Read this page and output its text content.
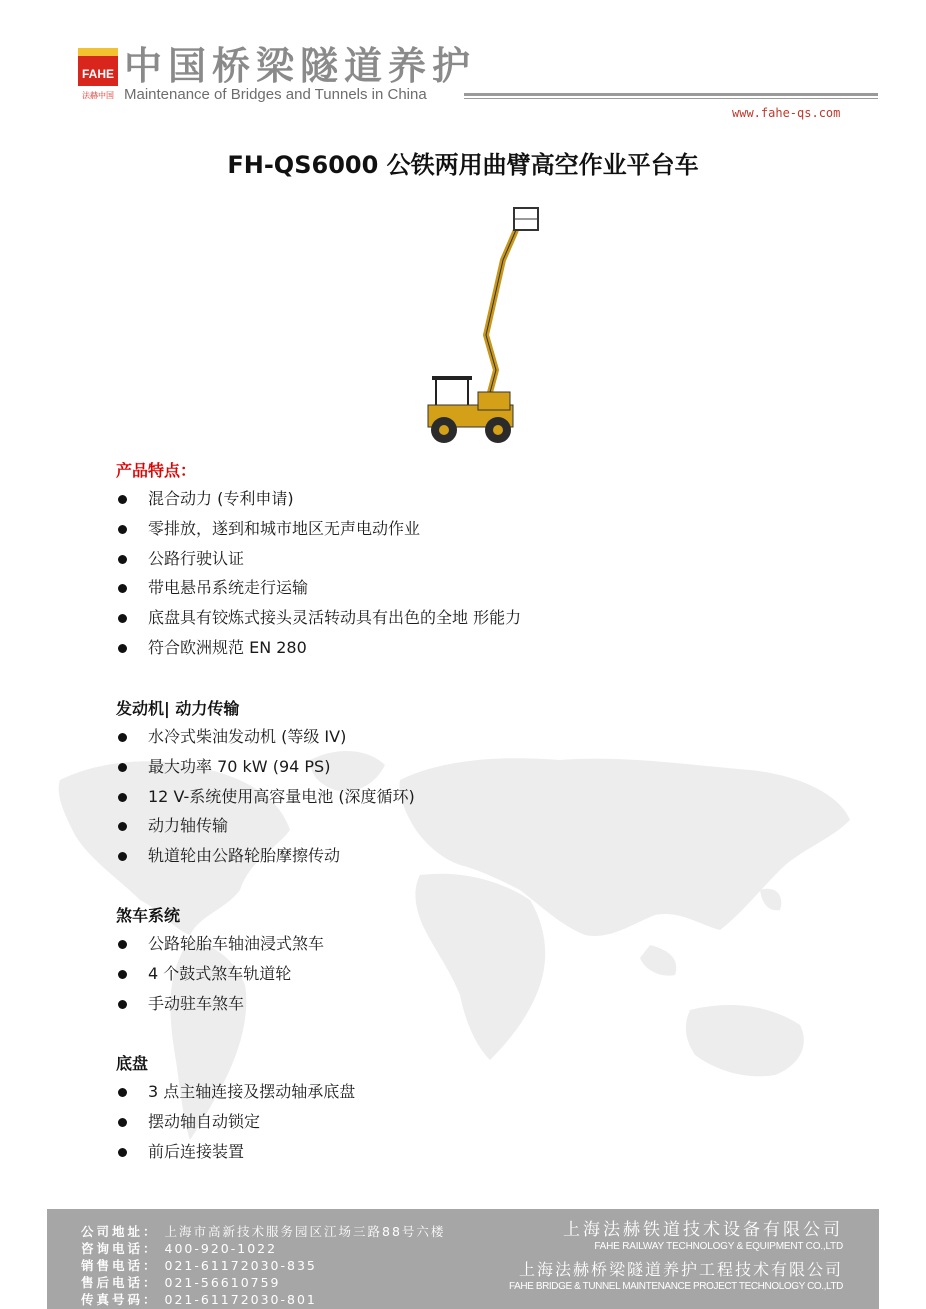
FAHE
法赫中国
中国桥梁隧道养护
Maintenance of Bridges and Tunnels in China
www.fahe-qs.com
FH-QS6000 公铁两用曲臂高空作业平台车
产品特点：
混合动力 (专利申请)
零排放，遂到和城市地区无声电动作业
公路行驶认证
带电悬吊系统走行运输
底盘具有铰炼式接头灵活转动具有出色的全地 形能力
符合欧洲规范 EN 280
发动机| 动力传输
水冷式柴油发动机 (等级 IV)
最大功率 70 kW (94 PS)
12 V-系统使用高容量电池 (深度循环)
动力轴传输
轨道轮由公路轮胎摩擦传动
煞车系统
公路轮胎车轴油浸式煞车
4 个鼓式煞车轨道轮
手动驻车煞车
底盘
3 点主轴连接及摆动轴承底盘
摆动轴自动锁定
前后连接装置
公司地址： 上海市高新技术服务园区江场三路88号六楼
咨询电话： 400-920-1022
销售电话： 021-61172030-835
售后电话： 021-56610759
传真号码： 021-61172030-801
上海法赫铁道技术设备有限公司
FAHE RAILWAY TECHNOLOGY & EQUIPMENT CO.,LTD
上海法赫桥梁隧道养护工程技术有限公司
FAHE BRIDGE & TUNNEL MAINTENANCE PROJECT TECHNOLOGY CO.,LTD
